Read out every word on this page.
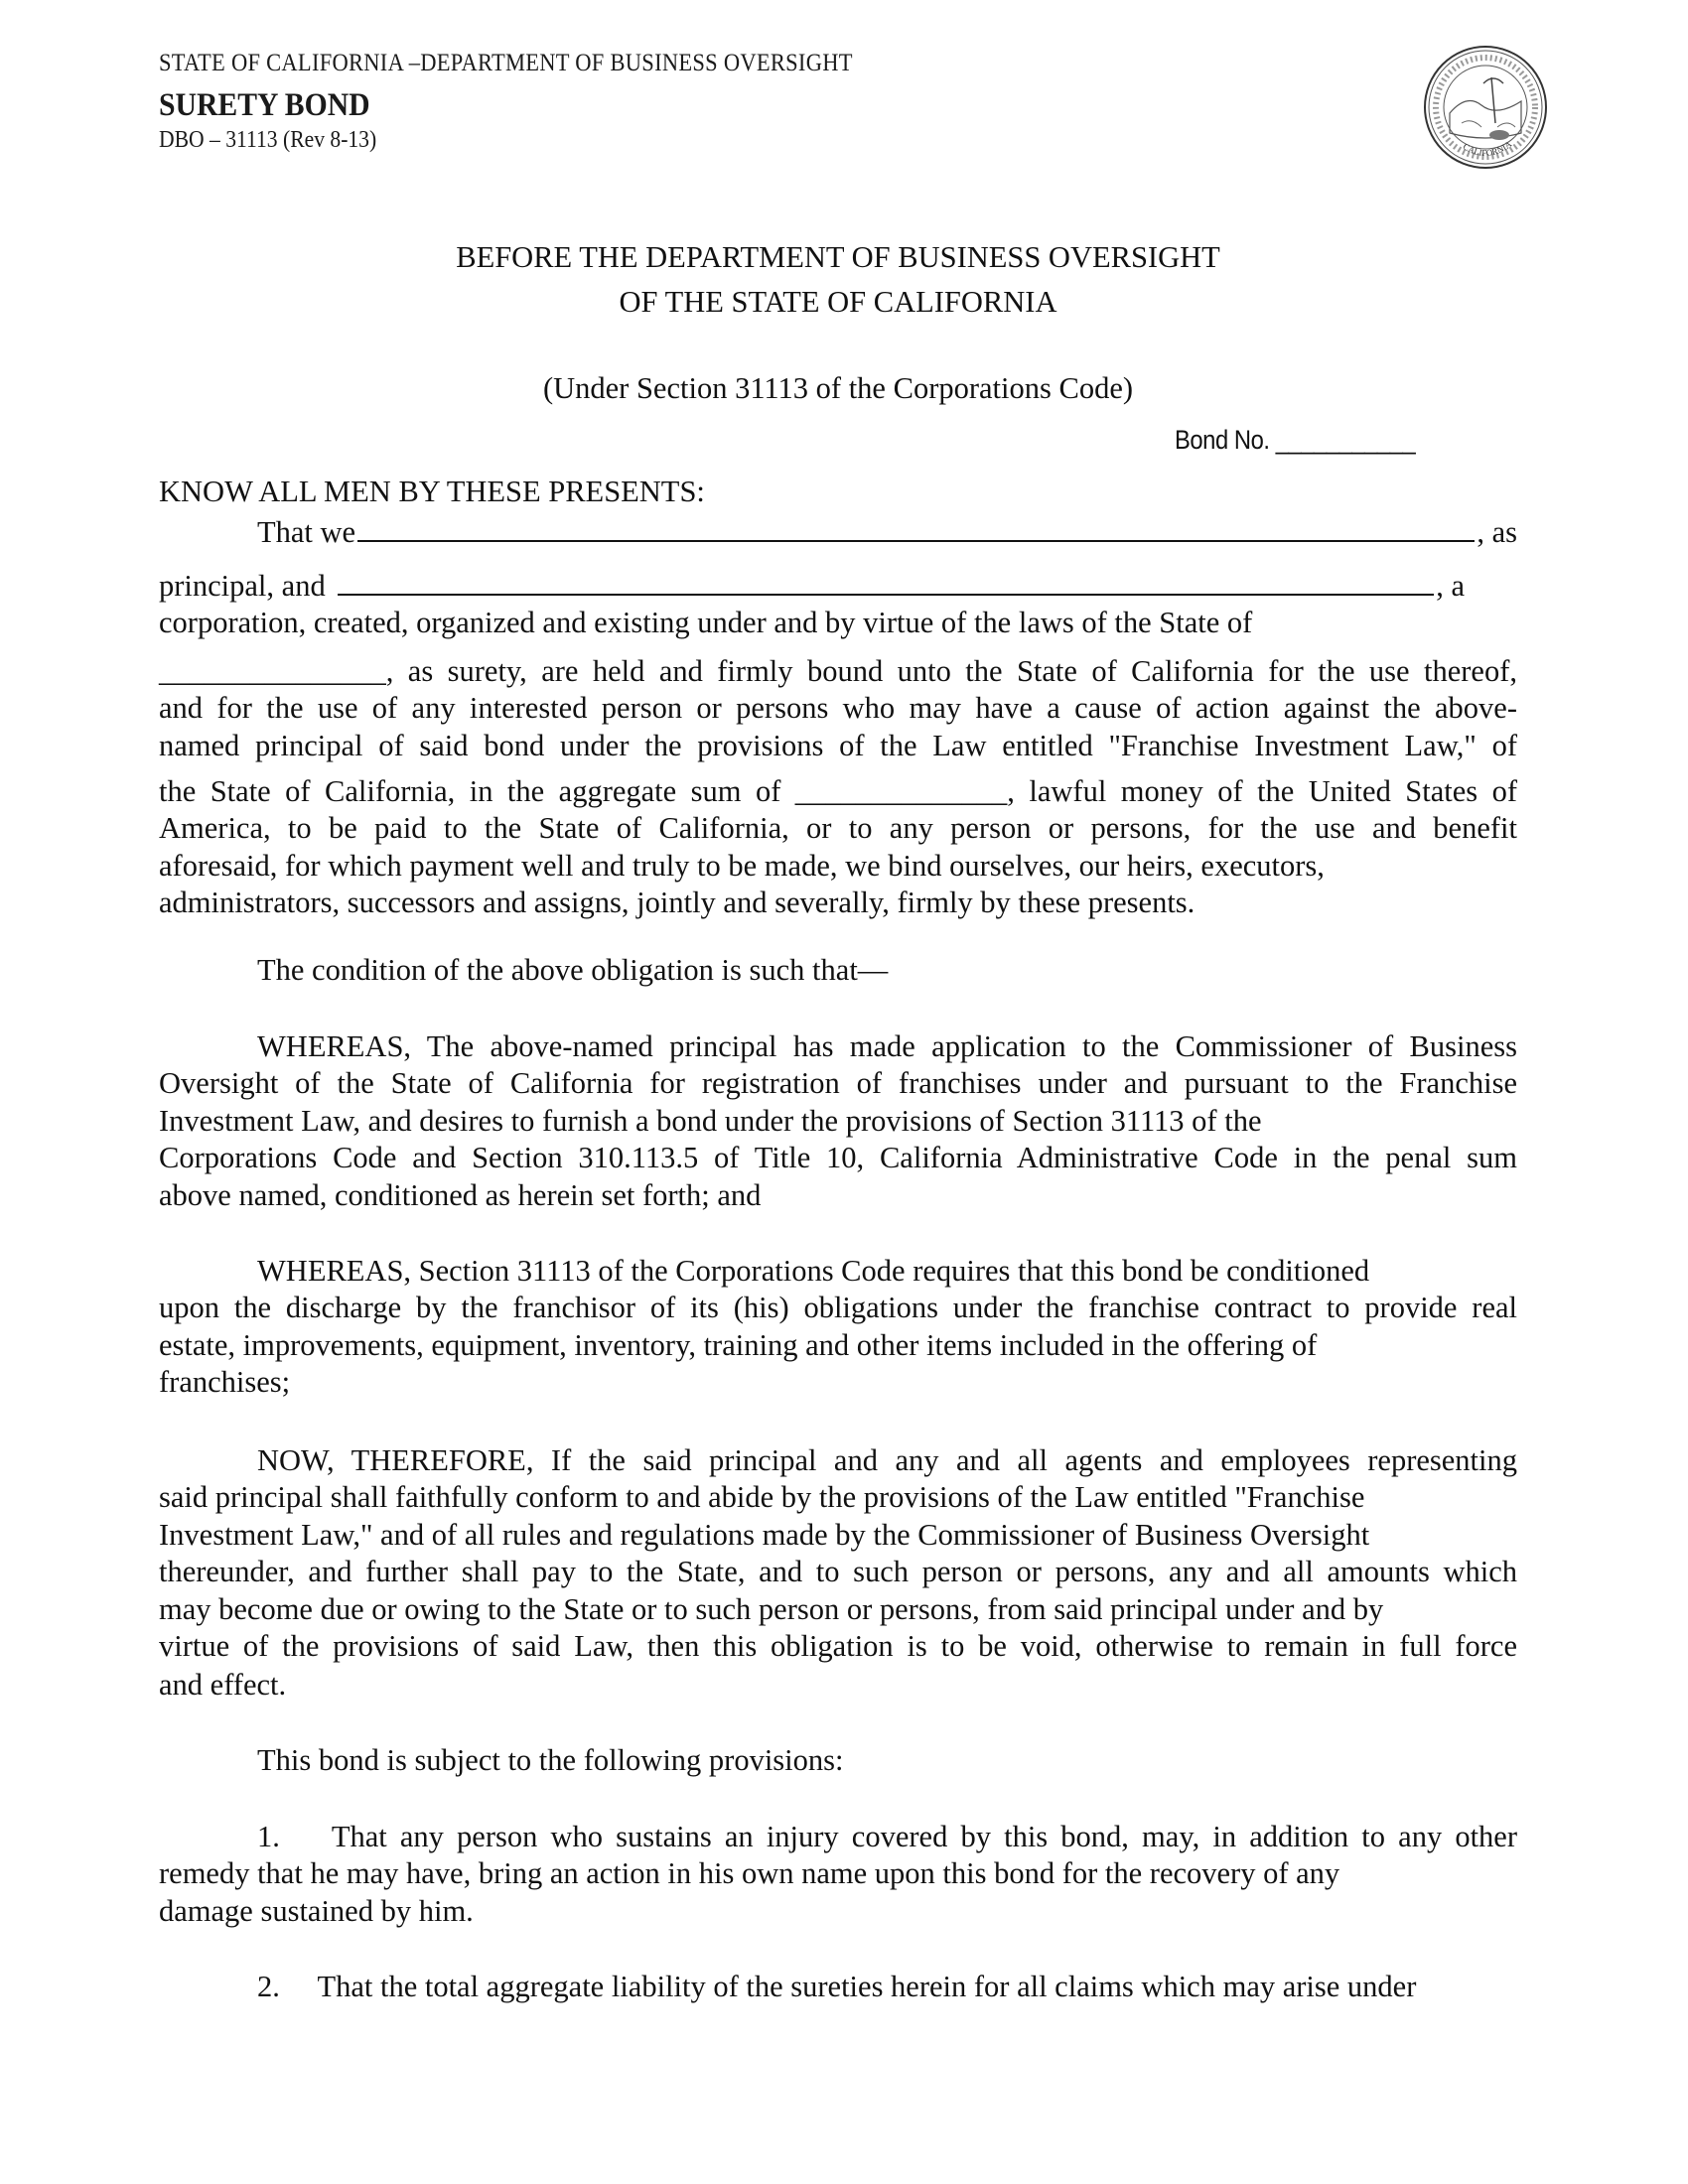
STATE OF CALIFORNIA –DEPARTMENT OF BUSINESS OVERSIGHT
SURETY BOND
DBO – 31113 (Rev 8-13)	CALIFORNIA
BEFORE THE DEPARTMENT OF BUSINESS OVERSIGHT
OF THE STATE OF CALIFORNIA
(Under Section 31113 of the Corporations Code)
Bond No. ___________
KNOW ALL MEN BY THESE PRESENTS:
That we	, as
principal, and	, a
corporation, created, organized and existing under and by virtue of the laws of the State of
_______________, as surety, are held and firmly bound unto the State of California for the use thereof,
and for the use of any interested person or persons who may have a cause of action against the above-
named principal of said bond under the provisions of the Law entitled "Franchise Investment Law," of
the State of California, in the aggregate sum of ______________, lawful money of the United States of
America, to be paid to the State of California, or to any person or persons, for the use and benefit
aforesaid, for which payment well and truly to be made, we bind ourselves, our heirs, executors,
administrators, successors and assigns, jointly and severally, firmly by these presents.
The condition of the above obligation is such that—
WHEREAS, The above-named principal has made application to the Commissioner of Business
Oversight of the State of California for registration of franchises under and pursuant to the Franchise
Investment Law, and desires to furnish a bond under the provisions of Section 31113 of the
Corporations Code and Section 310.113.5 of Title 10, California Administrative Code in the penal sum
above named, conditioned as herein set forth; and
WHEREAS, Section 31113 of the Corporations Code requires that this bond be conditioned
upon the discharge by the franchisor of its (his) obligations under the franchise contract to provide real
estate, improvements, equipment, inventory, training and other items included in the offering of
franchises;
NOW, THEREFORE, If the said principal and any and all agents and employees representing
said principal shall faithfully conform to and abide by the provisions of the Law entitled "Franchise
Investment Law," and of all rules and regulations made by the Commissioner of Business Oversight
thereunder, and further shall pay to the State, and to such person or persons, any and all amounts which
may become due or owing to the State or to such person or persons, from said principal under and by
virtue of the provisions of said Law, then this obligation is to be void, otherwise to remain in full force
and effect.
This bond is subject to the following provisions:
1.    That any person who sustains an injury covered by this bond, may, in addition to any other
remedy that he may have, bring an action in his own name upon this bond for the recovery of any
damage sustained by him.
2.     That the total aggregate liability of the sureties herein for all claims which may arise under
